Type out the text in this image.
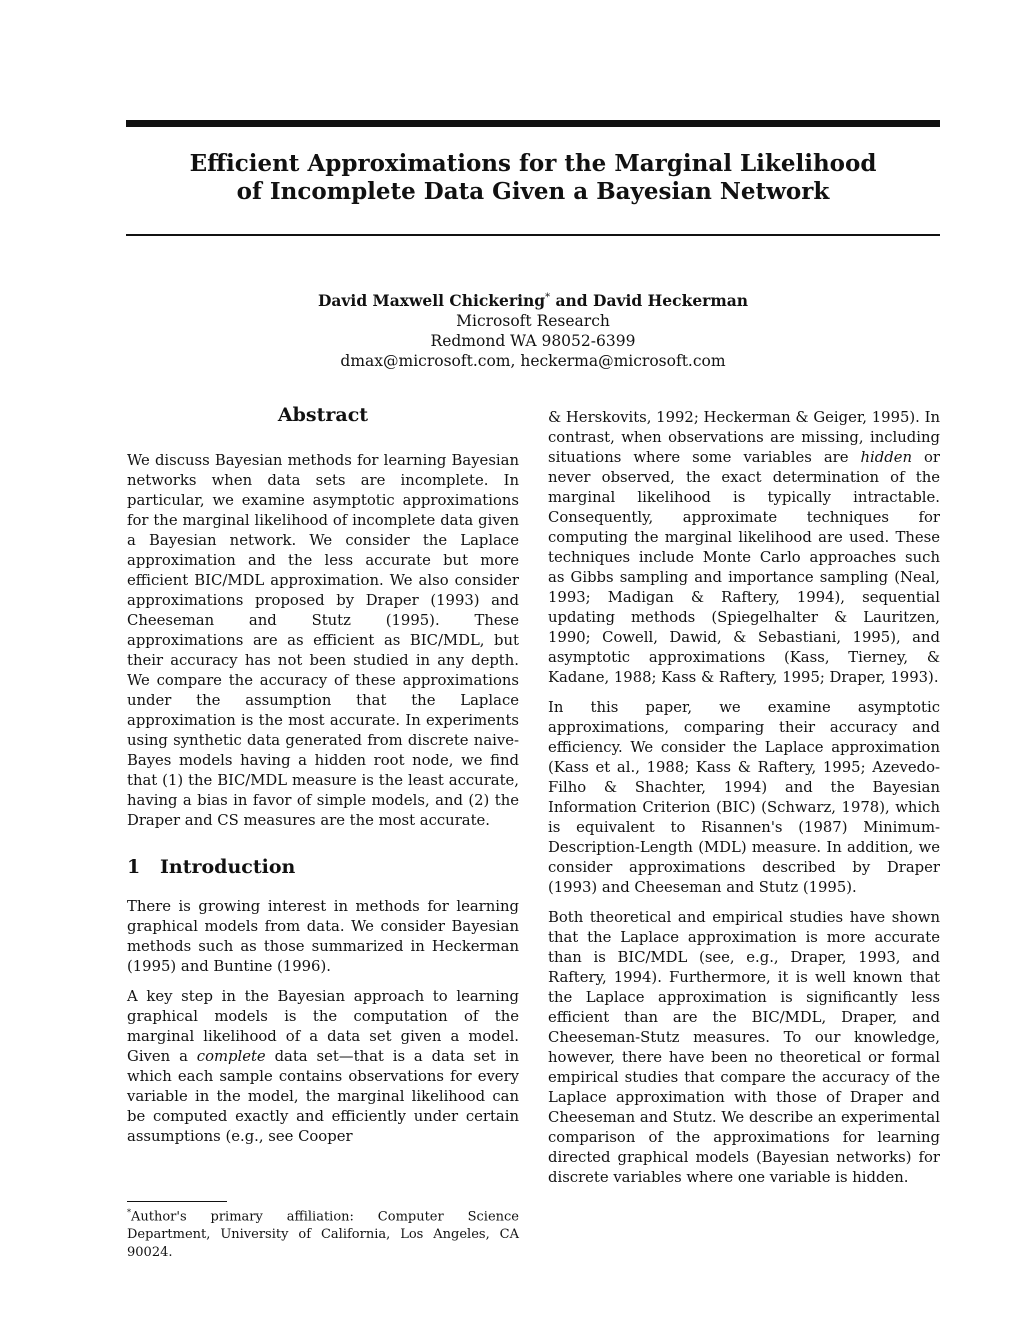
Efficient Approximations for the Marginal Likelihood
of Incomplete Data Given a Bayesian Network
David Maxwell Chickering* and David Heckerman
Microsoft Research
Redmond WA 98052-6399
dmax@microsoft.com, heckerma@microsoft.com
Abstract

We discuss Bayesian methods for learning Bayesian networks when data sets are incomplete. In particular, we examine asymptotic approximations for the marginal likelihood of incomplete data given a Bayesian network. We consider the Laplace approximation and the less accurate but more efficient BIC/MDL approximation. We also consider approximations proposed by Draper (1993) and Cheeseman and Stutz (1995). These approximations are as efficient as BIC/MDL, but their accuracy has not been studied in any depth. We compare the accuracy of these approximations under the assumption that the Laplace approximation is the most accurate. In experiments using synthetic data generated from discrete naive-Bayes models having a hidden root node, we find that (1) the BIC/MDL measure is the least accurate, having a bias in favor of simple models, and (2) the Draper and CS measures are the most accurate.

1 Introduction

There is growing interest in methods for learning graphical models from data. We consider Bayesian methods such as those summarized in Heckerman (1995) and Buntine (1996).

A key step in the Bayesian approach to learning graphical models is the computation of the marginal likelihood of a data set given a model. Given a complete data set—that is a data set in which each sample contains observations for every variable in the model, the marginal likelihood can be computed exactly and efficiently under certain assumptions (e.g., see Cooper

*Author's primary affiliation: Computer Science Department, University of California, Los Angeles, CA 90024.

& Herskovits, 1992; Heckerman & Geiger, 1995). In contrast, when observations are missing, including situations where some variables are hidden or never observed, the exact determination of the marginal likelihood is typically intractable. Consequently, approximate techniques for computing the marginal likelihood are used. These techniques include Monte Carlo approaches such as Gibbs sampling and importance sampling (Neal, 1993; Madigan & Raftery, 1994), sequential updating methods (Spiegelhalter & Lauritzen, 1990; Cowell, Dawid, & Sebastiani, 1995), and asymptotic approximations (Kass, Tierney, & Kadane, 1988; Kass & Raftery, 1995; Draper, 1993).

In this paper, we examine asymptotic approximations, comparing their accuracy and efficiency. We consider the Laplace approximation (Kass et al., 1988; Kass & Raftery, 1995; Azevedo-Filho & Shachter, 1994) and the Bayesian Information Criterion (BIC) (Schwarz, 1978), which is equivalent to Risannen's (1987) Minimum-Description-Length (MDL) measure. In addition, we consider approximations described by Draper (1993) and Cheeseman and Stutz (1995).

Both theoretical and empirical studies have shown that the Laplace approximation is more accurate than is BIC/MDL (see, e.g., Draper, 1993, and Raftery, 1994). Furthermore, it is well known that the Laplace approximation is significantly less efficient than are the BIC/MDL, Draper, and Cheeseman-Stutz measures. To our knowledge, however, there have been no theoretical or formal empirical studies that compare the accuracy of the Laplace approximation with those of Draper and Cheeseman and Stutz. We describe an experimental comparison of the approximations for learning directed graphical models (Bayesian networks) for discrete variables where one variable is hidden.
